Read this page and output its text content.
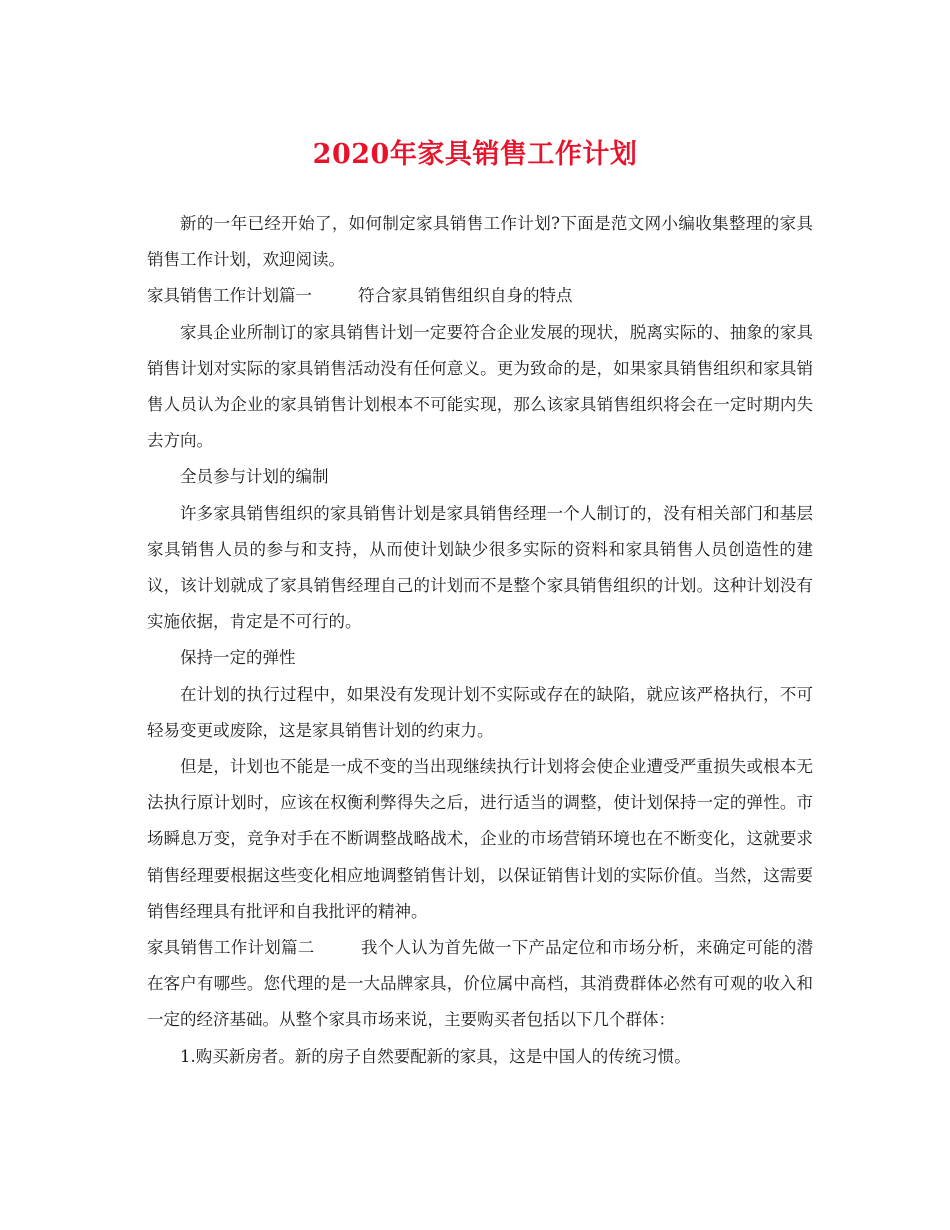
2020年家具销售工作计划

新的一年已经开始了，如何制定家具销售工作计划?下面是范文网小编收集整理的家具销售工作计划，欢迎阅读。

家具销售工作计划篇一	符合家具销售组织自身的特点

家具企业所制订的家具销售计划一定要符合企业发展的现状，脱离实际的、抽象的家具销售计划对实际的家具销售活动没有任何意义。更为致命的是，如果家具销售组织和家具销售人员认为企业的家具销售计划根本不可能实现，那么该家具销售组织将会在一定时期内失去方向。

全员参与计划的编制

许多家具销售组织的家具销售计划是家具销售经理一个人制订的，没有相关部门和基层家具销售人员的参与和支持，从而使计划缺少很多实际的资料和家具销售人员创造性的建议，该计划就成了家具销售经理自己的计划而不是整个家具销售组织的计划。这种计划没有实施依据，肯定是不可行的。

保持一定的弹性

在计划的执行过程中，如果没有发现计划不实际或存在的缺陷，就应该严格执行，不可轻易变更或废除，这是家具销售计划的约束力。

但是，计划也不能是一成不变的当出现继续执行计划将会使企业遭受严重损失或根本无法执行原计划时，应该在权衡利弊得失之后，进行适当的调整，使计划保持一定的弹性。市场瞬息万变，竞争对手在不断调整战略战术，企业的市场营销环境也在不断变化，这就要求销售经理要根据这些变化相应地调整销售计划，以保证销售计划的实际价值。当然，这需要销售经理具有批评和自我批评的精神。

家具销售工作计划篇二	我个人认为首先做一下产品定位和市场分析，来确定可能的潜在客户有哪些。您代理的是一大品牌家具，价位属中高档，其消费群体必然有可观的收入和一定的经济基础。从整个家具市场来说，主要购买者包括以下几个群体：

1.购买新房者。新的房子自然要配新的家具，这是中国人的传统习惯。
